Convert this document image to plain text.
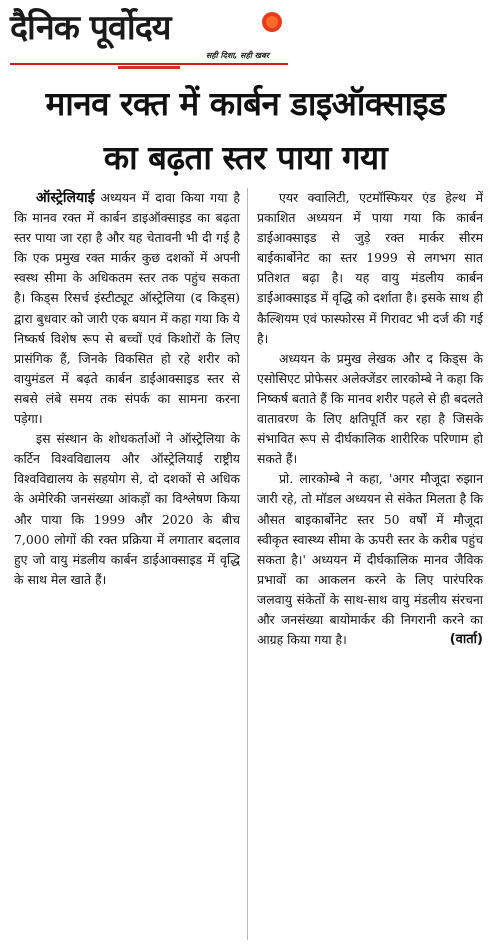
दैनिक पूर्वोदय
सही दिशा, सही खबर
मानव रक्त में कार्बन डाइऑक्साइड
का बढ़ता स्तर पाया गया

ऑस्ट्रेलियाई अध्ययन में दावा किया गया है कि मानव रक्त में कार्बन डाइऑक्साइड का बढ़ता स्तर पाया जा रहा है और यह चेतावनी भी दी गई है कि एक प्रमुख रक्त मार्कर कुछ दशकों में अपनी स्वस्थ सीमा के अधिकतम स्तर तक पहुंच सकता है। किड्स रिसर्च इंस्टीट्यूट ऑस्ट्रेलिया (द किड्स) द्वारा बुधवार को जारी एक बयान में कहा गया कि ये निष्कर्ष विशेष रूप से बच्चों एवं किशोरों के लिए प्रासंगिक हैं, जिनके विकसित हो रहे शरीर को वायुमंडल में बढ़ते कार्बन डाईआक्साइड स्तर से सबसे लंबे समय तक संपर्क का सामना करना पड़ेगा।

इस संस्थान के शोधकर्ताओं ने ऑस्ट्रेलिया के कर्टिन विश्वविद्यालय और ऑस्ट्रेलियाई राष्ट्रीय विश्वविद्यालय के सहयोग से, दो दशकों से अधिक के अमेरिकी जनसंख्या आंकड़ों का विश्लेषण किया और पाया कि 1999 और 2020 के बीच 7,000 लोगों की रक्त प्रक्रिया में लगातार बदलाव हुए जो वायु मंडलीय कार्बन डाईआक्साइड में वृद्धि के साथ मेल खाते हैं।

एयर क्वालिटी, एटमॉस्फियर एंड हेल्थ में प्रकाशित अध्ययन में पाया गया कि कार्बन डाईआक्साइड से जुड़े रक्त मार्कर सीरम बाईकार्बोनेट का स्तर 1999 से लगभग सात प्रतिशत बढ़ा है। यह वायु मंडलीय कार्बन डाईआक्साइड में वृद्धि को दर्शाता है। इसके साथ ही कैल्शियम एवं फास्फोरस में गिरावट भी दर्ज की गई है।

अध्ययन के प्रमुख लेखक और द किड्स के एसोसिएट प्रोफेसर अलेक्जेंडर लारकोम्बे ने कहा कि निष्कर्ष बताते हैं कि मानव शरीर पहले से ही बदलते वातावरण के लिए क्षतिपूर्ति कर रहा है जिसके संभावित रूप से दीर्घकालिक शारीरिक परिणाम हो सकते हैं।

प्रो. लारकोम्बे ने कहा, 'अगर मौजूदा रुझान जारी रहे, तो मॉडल अध्ययन से संकेत मिलता है कि औसत बाइकार्बोनेट स्तर 50 वर्षों में मौजूदा स्वीकृत स्वास्थ्य सीमा के ऊपरी स्तर के करीब पहुंच सकता है।' अध्ययन में दीर्घकालिक मानव जैविक प्रभावों का आकलन करने के लिए पारंपरिक जलवायु संकेतों के साथ-साथ वायु मंडलीय संरचना और जनसंख्या बायोमार्कर की निगरानी करने का आग्रह किया गया है।	(वार्ता)
